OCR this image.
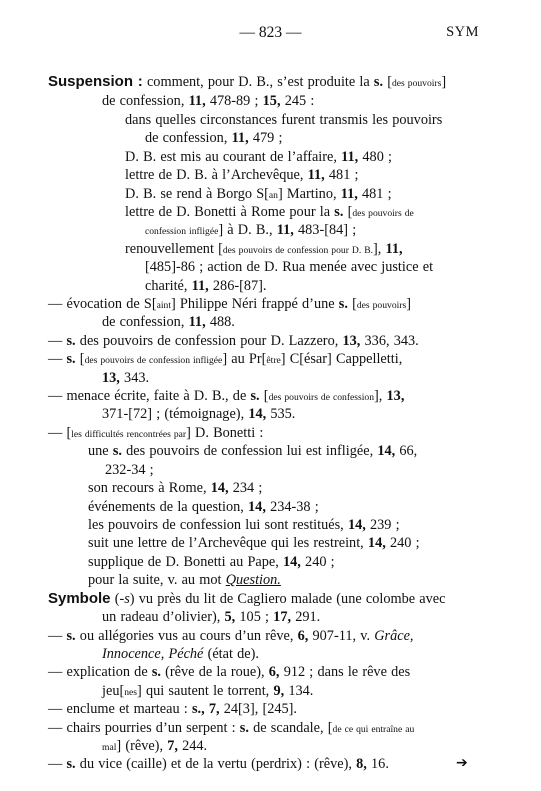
— 823 —	SYM
Suspension : comment, pour D. B., s’est produite la s. [des pouvoirs]
de confession, 11, 478-89 ; 15, 245 :
dans quelles circonstances furent transmis les pouvoirs
de confession, 11, 479 ;
D. B. est mis au courant de l’affaire, 11, 480 ;
lettre de D. B. à l’Archevêque, 11, 481 ;
D. B. se rend à Borgo S[an] Martino, 11, 481 ;
lettre de D. Bonetti à Rome pour la s. [des pouvoirs de
confession infligée] à D. B., 11, 483-[84] ;
renouvellement [des pouvoirs de confession pour D. B.], 11,
[485]-86 ; action de D. Rua menée avec justice et
charité, 11, 286-[87].
— évocation de S[aint] Philippe Néri frappé d’une s. [des pouvoirs]
de confession, 11, 488.
— s. des pouvoirs de confession pour D. Lazzero, 13, 336, 343.
— s. [des pouvoirs de confession infligée] au Pr[être] C[ésar] Cappelletti,
13, 343.
— menace écrite, faite à D. B., de s. [des pouvoirs de confession], 13,
371-[72] ; (témoignage), 14, 535.
— [les difficultés rencontrées par] D. Bonetti :
une s. des pouvoirs de confession lui est infligée, 14, 66,
232-34 ;
son recours à Rome, 14, 234 ;
événements de la question, 14, 234-38 ;
les pouvoirs de confession lui sont restitués, 14, 239 ;
suit une lettre de l’Archevêque qui les restreint, 14, 240 ;
supplique de D. Bonetti au Pape, 14, 240 ;
pour la suite, v. au mot Question.
Symbole (-s) vu près du lit de Cagliero malade (une colombe avec
un radeau d’olivier), 5, 105 ; 17, 291.
— s. ou allégories vus au cours d’un rêve, 6, 907-11, v. Grâce,
Innocence, Péché (état de).
— explication de s. (rêve de la roue), 6, 912 ; dans le rêve des
jeu[nes] qui sautent le torrent, 9, 134.
— enclume et marteau : s., 7, 24[3], [245].
— chairs pourries d’un serpent : s. de scandale, [de ce qui entraîne au
mal] (rêve), 7, 244.
— s. du vice (caille) et de la vertu (perdrix) : (rêve), 8, 16.	➔
